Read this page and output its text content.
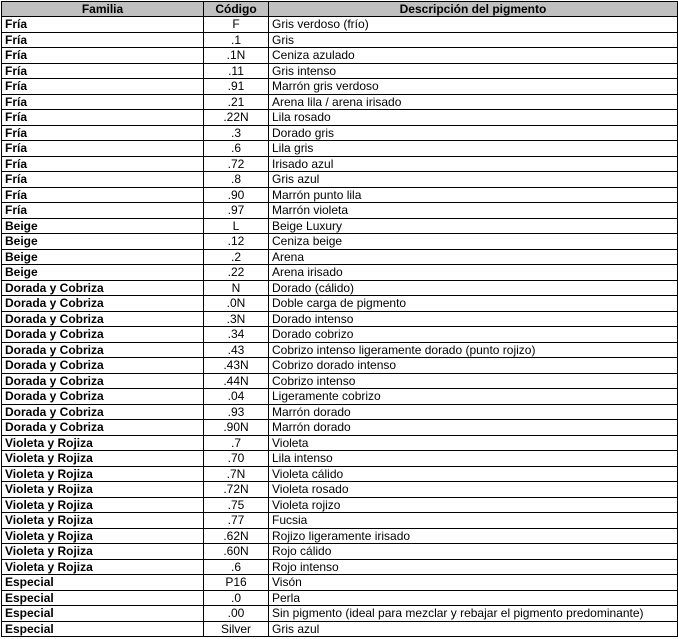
Familia	Código	Descripción del pigmento
Fría	F	Gris verdoso (frío)
Fría	.1	Gris
Fría	.1N	Ceniza azulado
Fría	.11	Gris intenso
Fría	.91	Marrón gris verdoso
Fría	.21	Arena lila / arena irisado
Fría	.22N	Lila rosado
Fría	.3	Dorado gris
Fría	.6	Lila gris
Fría	.72	Irisado azul
Fría	.8	Gris azul
Fría	.90	Marrón punto lila
Fría	.97	Marrón violeta
Beige	L	Beige Luxury
Beige	.12	Ceniza beige
Beige	.2	Arena
Beige	.22	Arena irisado
Dorada y Cobriza	N	Dorado (cálido)
Dorada y Cobriza	.0N	Doble carga de pigmento
Dorada y Cobriza	.3N	Dorado intenso
Dorada y Cobriza	.34	Dorado cobrizo
Dorada y Cobriza	.43	Cobrizo intenso ligeramente dorado (punto rojizo)
Dorada y Cobriza	.43N	Cobrizo dorado intenso
Dorada y Cobriza	.44N	Cobrizo intenso
Dorada y Cobriza	.04	Ligeramente cobrizo
Dorada y Cobriza	.93	Marrón dorado
Dorada y Cobriza	.90N	Marrón dorado
Violeta y Rojiza	.7	Violeta
Violeta y Rojiza	.70	Lila intenso
Violeta y Rojiza	.7N	Violeta cálido
Violeta y Rojiza	.72N	Violeta rosado
Violeta y Rojiza	.75	Violeta rojizo
Violeta y Rojiza	.77	Fucsia
Violeta y Rojiza	.62N	Rojizo ligeramente irisado
Violeta y Rojiza	.60N	Rojo cálido
Violeta y Rojiza	.6	Rojo intenso
Especial	P16	Visón
Especial	.0	Perla
Especial	.00	Sin pigmento (ideal para mezclar y rebajar el pigmento predominante)
Especial	Silver	Gris azul
